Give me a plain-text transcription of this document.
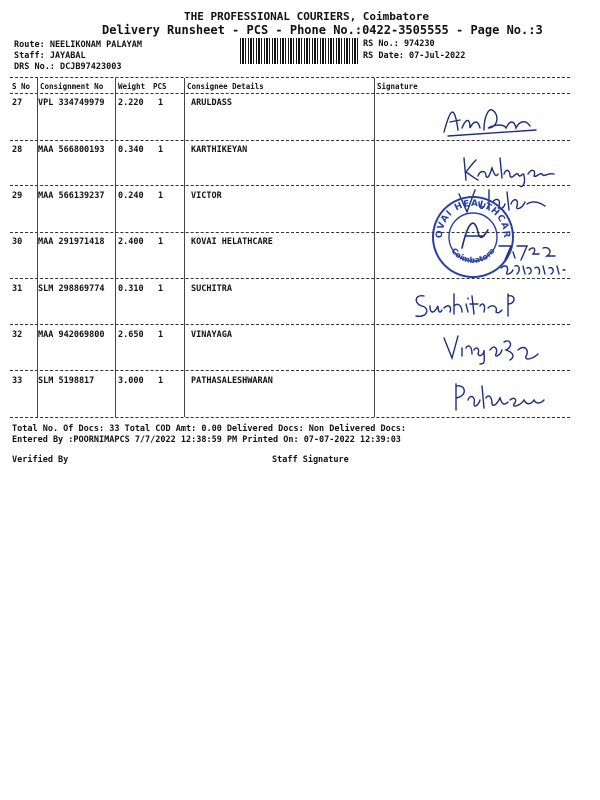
THE PROFESSIONAL COURIERS, Coimbatore
Delivery Runsheet - PCS - Phone No.:0422-3505555 - Page No.:3
Route: NEELIKONAM PALAYAM
Staff: JAYABAL
DRS No.: DCJB97423003
RS No.: 974230
RS Date: 07-Jul-2022
S No Consignment No Weight PCS	Consignee Details	Signature
27 VPL 334749979 2.220 1	ARULDASS
28 MAA 566800193 0.340 1	KARTHIKEYAN
29 MAA 566139237 0.240 1	VICTOR
30 MAA 291971418 2.400 1	KOVAI HELATHCARE
31 SLM 298869774 0.310 1	SUCHITRA
32 MAA 942069800 2.650 1	VINAYAGA
33 SLM 5198817	3.000 1	PATHASALESHWARAN
KOVAI HEALTHCARE
Coimbatore
Total No. Of Docs: 33 Total COD Amt: 0.00 Delivered Docs: Non Delivered Docs:
Entered By :POORNIMAPCS 7/7/2022 12:38:59 PM Printed On: 07-07-2022 12:39:03
Verified By	Staff Signature
